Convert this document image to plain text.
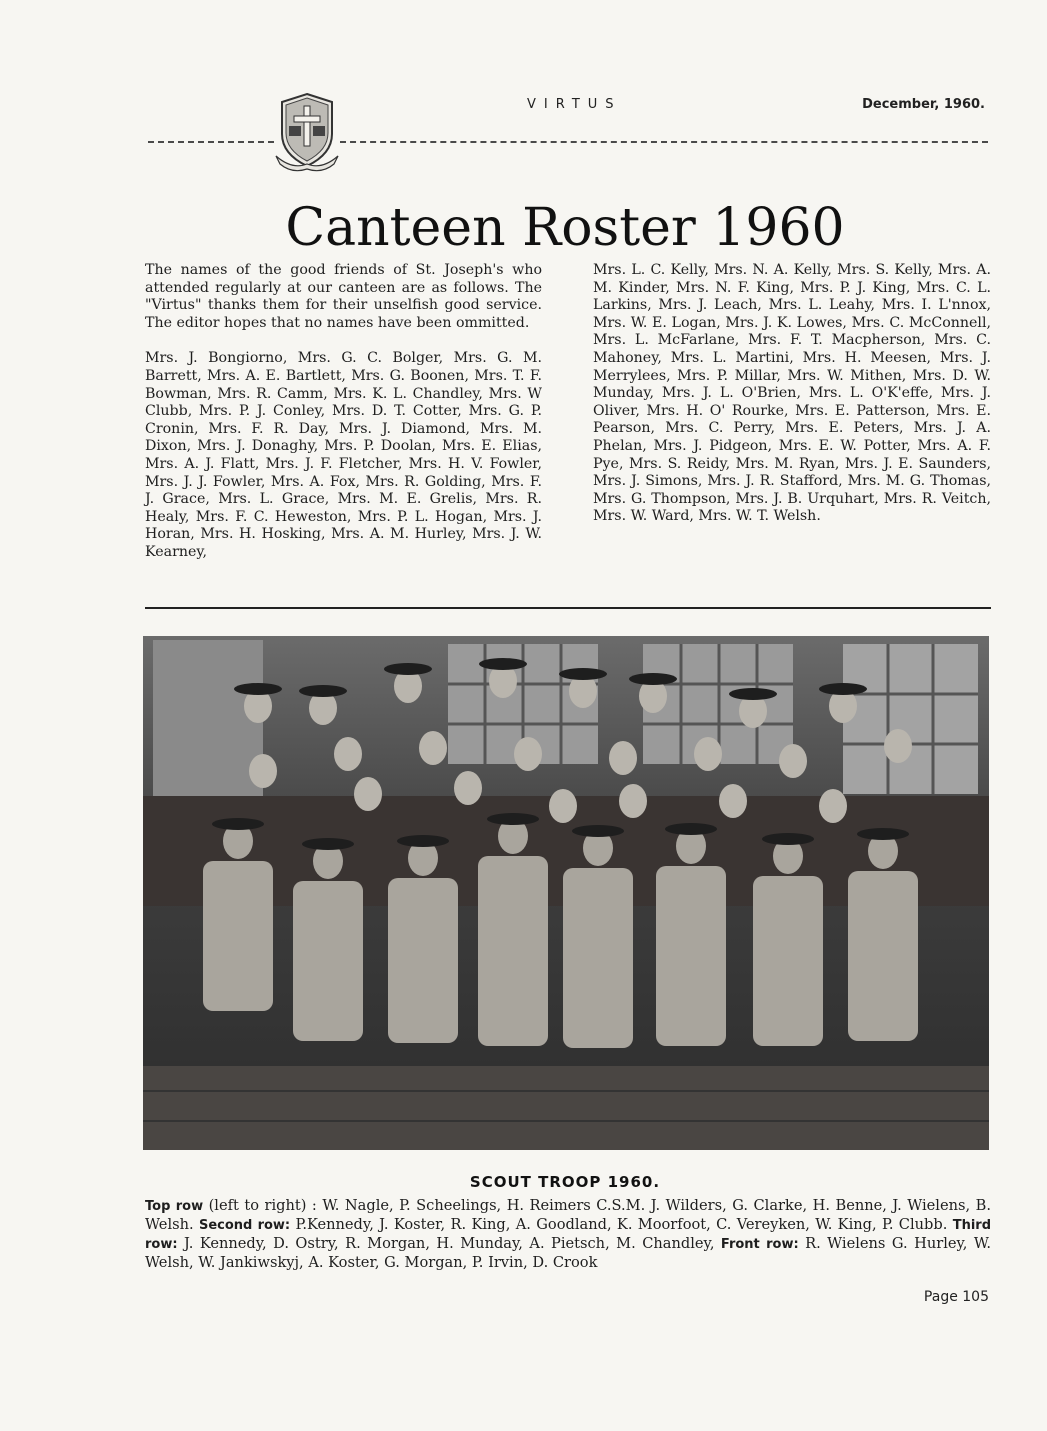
VIRTUS	December, 1960.
Canteen Roster 1960

The names of the good friends of St. Joseph's who attended regularly at our canteen are as follows. The "Virtus" thanks them for their unselfish good service. The editor hopes that no names have been ommitted.

Mrs. J. Bongiorno, Mrs. G. C. Bolger, Mrs. G. M. Barrett, Mrs. A. E. Bartlett, Mrs. G. Boonen, Mrs. T. F. Bowman, Mrs. R. Camm, Mrs. K. L. Chandley, Mrs. W Clubb, Mrs. P. J. Conley, Mrs. D. T. Cotter, Mrs. G. P. Cronin, Mrs. F. R. Day, Mrs. J. Diamond, Mrs. M. Dixon, Mrs. J. Donaghy, Mrs. P. Doolan, Mrs. E. Elias, Mrs. A. J. Flatt, Mrs. J. F. Fletcher, Mrs. H. V. Fowler, Mrs. J. J. Fowler, Mrs. A. Fox, Mrs. R. Golding, Mrs. F. J. Grace, Mrs. L. Grace, Mrs. M. E. Grelis, Mrs. R. Healy, Mrs. F. C. Heweston, Mrs. P. L. Hogan, Mrs. J. Horan, Mrs. H. Hosking, Mrs. A. M. Hurley, Mrs. J. W. Kearney,

Mrs. L. C. Kelly, Mrs. N. A. Kelly, Mrs. S. Kelly, Mrs. A. M. Kinder, Mrs. N. F. King, Mrs. P. J. King, Mrs. C. L. Larkins, Mrs. J. Leach, Mrs. L. Leahy, Mrs. I. L'nnox, Mrs. W. E. Logan, Mrs. J. K. Lowes, Mrs. C. McConnell, Mrs. L. McFarlane, Mrs. F. T. Macpherson, Mrs. C. Mahoney, Mrs. L. Martini, Mrs. H. Meesen, Mrs. J. Merrylees, Mrs. P. Millar, Mrs. W. Mithen, Mrs. D. W. Munday, Mrs. J. L. O'Brien, Mrs. L. O'K'effe, Mrs. J. Oliver, Mrs. H. O' Rourke, Mrs. E. Patterson, Mrs. E. Pearson, Mrs. C. Perry, Mrs. E. Peters, Mrs. J. A. Phelan, Mrs. J. Pidgeon, Mrs. E. W. Potter, Mrs. A. F. Pye, Mrs. S. Reidy, Mrs. M. Ryan, Mrs. J. E. Saunders, Mrs. J. Simons, Mrs. J. R. Stafford, Mrs. M. G. Thomas, Mrs. G. Thompson, Mrs. J. B. Urquhart, Mrs. R. Veitch, Mrs. W. Ward, Mrs. W. T. Welsh.

SCOUT TROOP 1960.
Top row (left to right) : W. Nagle, P. Scheelings, H. Reimers C.S.M. J. Wilders, G. Clarke, H. Benne, J. Wielens, B. Welsh. Second row: P.Kennedy, J. Koster, R. King, A. Goodland, K. Moorfoot, C. Vereyken, W. King, P. Clubb. Third row: J. Kennedy, D. Ostry, R. Morgan, H. Munday, A. Pietsch, M. Chandley, Front row: R. Wielens G. Hurley, W. Welsh, W. Jankiwskyj, A. Koster, G. Morgan, P. Irvin, D. Crook
Page 105
